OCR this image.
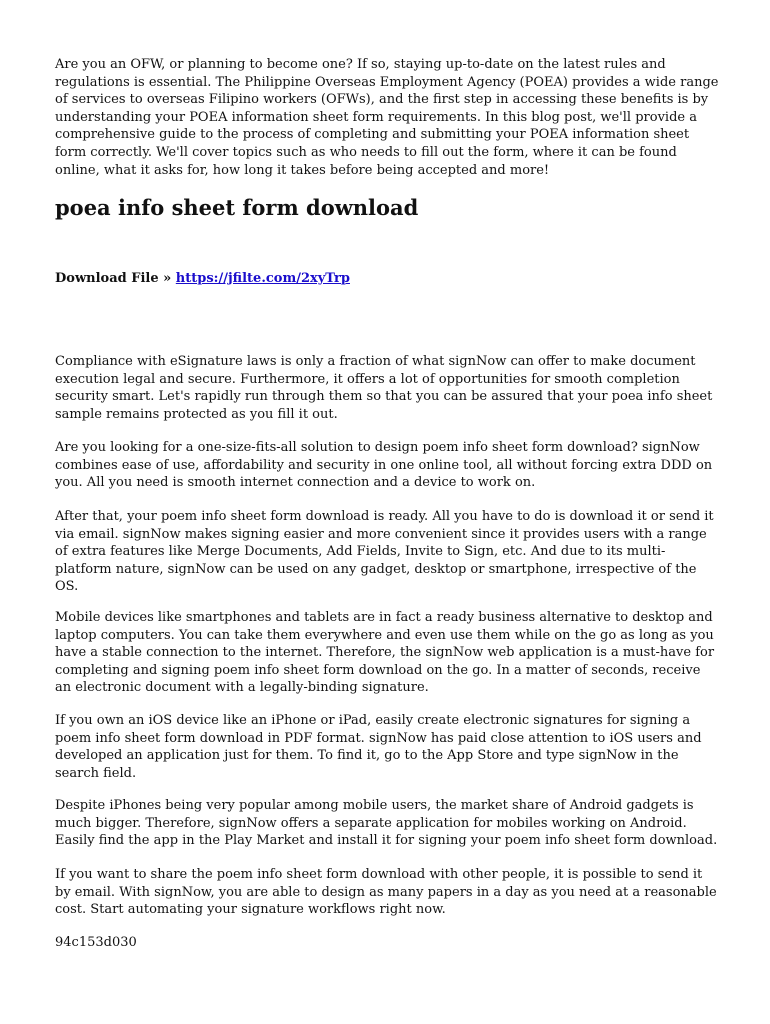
Are you an OFW, or planning to become one? If so, staying up-to-date on the latest rules and regulations is essential. The Philippine Overseas Employment Agency (POEA) provides a wide range of services to overseas Filipino workers (OFWs), and the first step in accessing these benefits is by understanding your POEA information sheet form requirements. In this blog post, we'll provide a comprehensive guide to the process of completing and submitting your POEA information sheet form correctly. We'll cover topics such as who needs to fill out the form, where it can be found online, what it asks for, how long it takes before being accepted and more!

poea info sheet form download

Download File » https://jfilte.com/2xyTrp

Compliance with eSignature laws is only a fraction of what signNow can offer to make document execution legal and secure. Furthermore, it offers a lot of opportunities for smooth completion security smart. Let's rapidly run through them so that you can be assured that your poea info sheet sample remains protected as you fill it out.

Are you looking for a one-size-fits-all solution to design poem info sheet form download? signNow combines ease of use, affordability and security in one online tool, all without forcing extra DDD on you. All you need is smooth internet connection and a device to work on.

After that, your poem info sheet form download is ready. All you have to do is download it or send it via email. signNow makes signing easier and more convenient since it provides users with a range of extra features like Merge Documents, Add Fields, Invite to Sign, etc. And due to its multi-platform nature, signNow can be used on any gadget, desktop or smartphone, irrespective of the OS.

Mobile devices like smartphones and tablets are in fact a ready business alternative to desktop and laptop computers. You can take them everywhere and even use them while on the go as long as you have a stable connection to the internet. Therefore, the signNow web application is a must-have for completing and signing poem info sheet form download on the go. In a matter of seconds, receive an electronic document with a legally-binding signature.

If you own an iOS device like an iPhone or iPad, easily create electronic signatures for signing a poem info sheet form download in PDF format. signNow has paid close attention to iOS users and developed an application just for them. To find it, go to the App Store and type signNow in the search field.

Despite iPhones being very popular among mobile users, the market share of Android gadgets is much bigger. Therefore, signNow offers a separate application for mobiles working on Android. Easily find the app in the Play Market and install it for signing your poem info sheet form download.

If you want to share the poem info sheet form download with other people, it is possible to send it by email. With signNow, you are able to design as many papers in a day as you need at a reasonable cost. Start automating your signature workflows right now.

94c153d030
